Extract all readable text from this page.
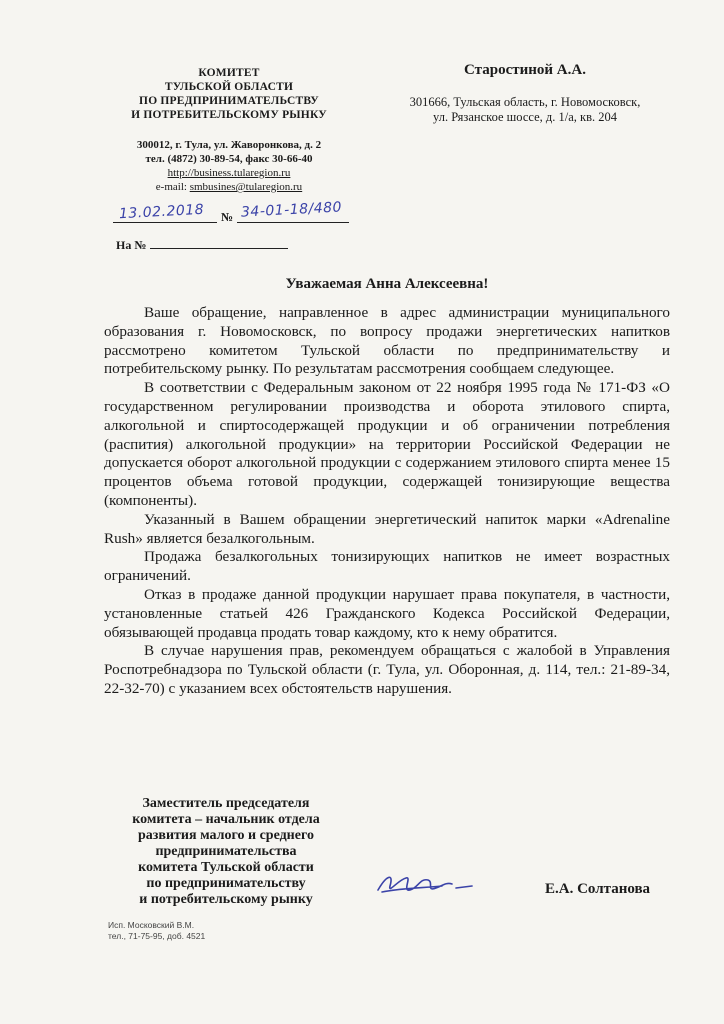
КОМИТЕТ
ТУЛЬСКОЙ ОБЛАСТИ
ПО ПРЕДПРИНИМАТЕЛЬСТВУ
И ПОТРЕБИТЕЛЬСКОМУ РЫНКУ
300012, г. Тула, ул. Жаворонкова, д. 2
тел. (4872) 30-89-54, факс 30-66-40
http://business.tularegion.ru
e-mail: smbusines@tularegion.ru
13.02.2018 № 34-01-18/480
На №
Старостиной А.А.
301666, Тульская область, г. Новомосковск,
ул. Рязанское шоссе, д. 1/а, кв. 204
Уважаемая Анна Алексеевна!

Ваше обращение, направленное в адрес администрации муниципального образования г. Новомосковск, по вопросу продажи энергетических напитков рассмотрено комитетом Тульской области по предпринимательству и потребительскому рынку. По результатам рассмотрения сообщаем следующее.

В соответствии с Федеральным законом от 22 ноября 1995 года № 171-ФЗ «О государственном регулировании производства и оборота этилового спирта, алкогольной и спиртосодержащей продукции и об ограничении потребления (распития) алкогольной продукции» на территории Российской Федерации не допускается оборот алкогольной продукции с содержанием этилового спирта менее 15 процентов объема готовой продукции, содержащей тонизирующие вещества (компоненты).

Указанный в Вашем обращении энергетический напиток марки «Adrenaline Rush» является безалкогольным.

Продажа безалкогольных тонизирующих напитков не имеет возрастных ограничений.

Отказ в продаже данной продукции нарушает права покупателя, в частности, установленные статьей 426 Гражданского Кодекса Российской Федерации, обязывающей продавца продать товар каждому, кто к нему обратится.

В случае нарушения прав, рекомендуем обращаться с жалобой в Управления Роспотребнадзора по Тульской области (г. Тула, ул. Оборонная, д. 114, тел.: 21-89-34, 22-32-70) с указанием всех обстоятельств нарушения.

Заместитель председателя
комитета – начальник отдела
развития малого и среднего
предпринимательства
комитета Тульской области
по предпринимательству
и потребительскому рынку
Е.А. Солтанова
Исп. Московский В.М.
тел., 71-75-95, доб. 4521
